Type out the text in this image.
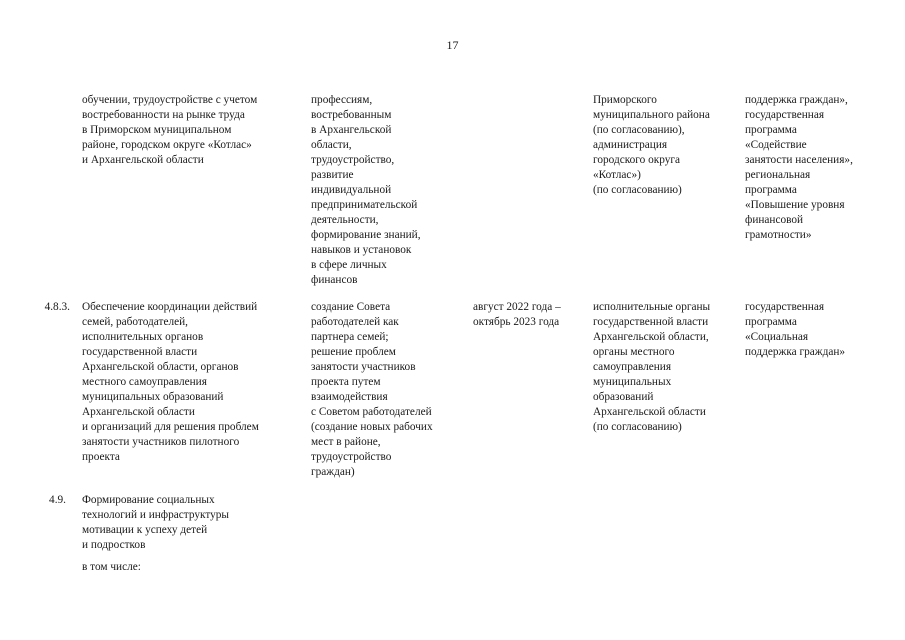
17
обучении, трудоустройстве с учетом
востребованности на рынке труда
в Приморском муниципальном
районе, городском округе «Котлас»
и Архангельской области
профессиям,
востребованным
в Архангельской
области,
трудоустройство,
развитие
индивидуальной
предпринимательской
деятельности,
формирование знаний,
навыков и установок
в сфере личных
финансов
Приморского
муниципального района
(по согласованию),
администрация
городского округа
«Котлас»)
(по согласованию)
поддержка граждан»,
государственная
программа
«Содействие
занятости населения»,
региональная
программа
«Повышение уровня
финансовой
грамотности»
4.8.3. Обеспечение координации действий
семей, работодателей,
исполнительных органов
государственной власти
Архангельской области, органов
местного самоуправления
муниципальных образований
Архангельской области
и организаций для решения проблем
занятости участников пилотного
проекта
создание Совета
работодателей как
партнера семей;
решение проблем
занятости участников
проекта путем
взаимодействия
с Советом работодателей
(создание новых рабочих
мест в районе,
трудоустройство
граждан)
август 2022 года –
октябрь 2023 года
исполнительные органы
государственной власти
Архангельской области,
органы местного
самоуправления
муниципальных
образований
Архангельской области
(по согласованию)
государственная
программа
«Социальная
поддержка граждан»
4.9. Формирование социальных
технологий и инфраструктуры
мотивации к успеху детей
и подростков
в том числе:
